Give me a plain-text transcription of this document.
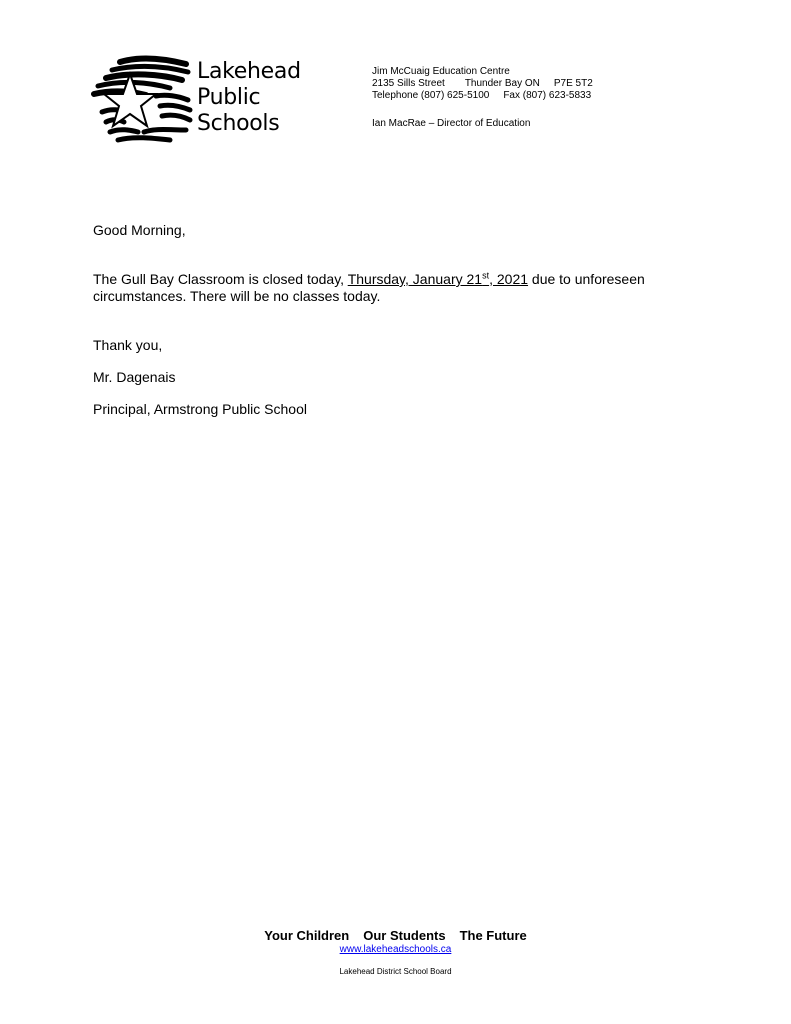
Lakehead
Public
Schools
Jim McCuaig Education Centre
2135 Sills Street Thunder Bay ON P7E 5T2
Telephone (807) 625-5100 Fax (807) 623-5833
Ian MacRae – Director of Education
Good Morning,
The Gull Bay Classroom is closed today, Thursday, January 21st, 2021 due to unforeseen
circumstances. There will be no classes today.
Thank you,
Mr. Dagenais
Principal, Armstrong Public School
Your Children Our Students The Future
www.lakeheadschools.ca
Lakehead District School Board
